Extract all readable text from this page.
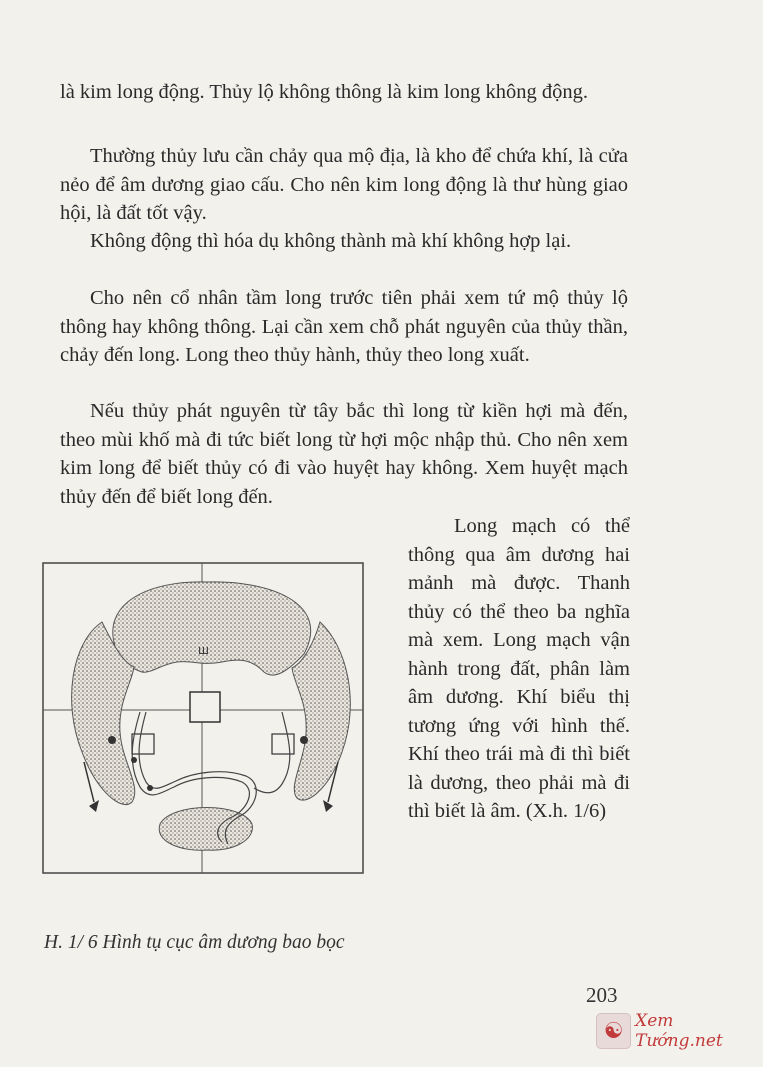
là kim long động. Thủy lộ không thông là kim long không động.

Thường thủy lưu cần chảy qua mộ địa, là kho để chứa khí, là cửa nẻo để âm dương giao cấu. Cho nên kim long động là thư hùng giao hội, là đất tốt vậy.

Không động thì hóa dụ không thành mà khí không hợp lại.

Cho nên cổ nhân tầm long trước tiên phải xem tứ mộ thủy lộ thông hay không thông. Lại cần xem chỗ phát nguyên của thủy thần, chảy đến long. Long theo thủy hành, thủy theo long xuất.

Nếu thủy phát nguyên từ tây bắc thì long từ kiền hợi mà đến, theo mùi khố mà đi tức biết long từ hợi mộc nhập thủ. Cho nên xem kim long để biết thủy có đi vào huyệt hay không. Xem huyệt mạch thủy đến để biết long đến.

Long mạch có thể thông qua âm dương hai mảnh mà được. Thanh thủy có thể theo ba nghĩa mà xem. Long mạch vận hành trong đất, phân làm âm dương. Khí biểu thị tương ứng với hình thế. Khí theo trái mà đi thì biết là dương, theo phải mà đi thì biết là âm. (X.h. 1/6)

ш
H. 1/ 6 Hình tụ cục âm dương bao bọc
203
☯ Xem Tướng.net
